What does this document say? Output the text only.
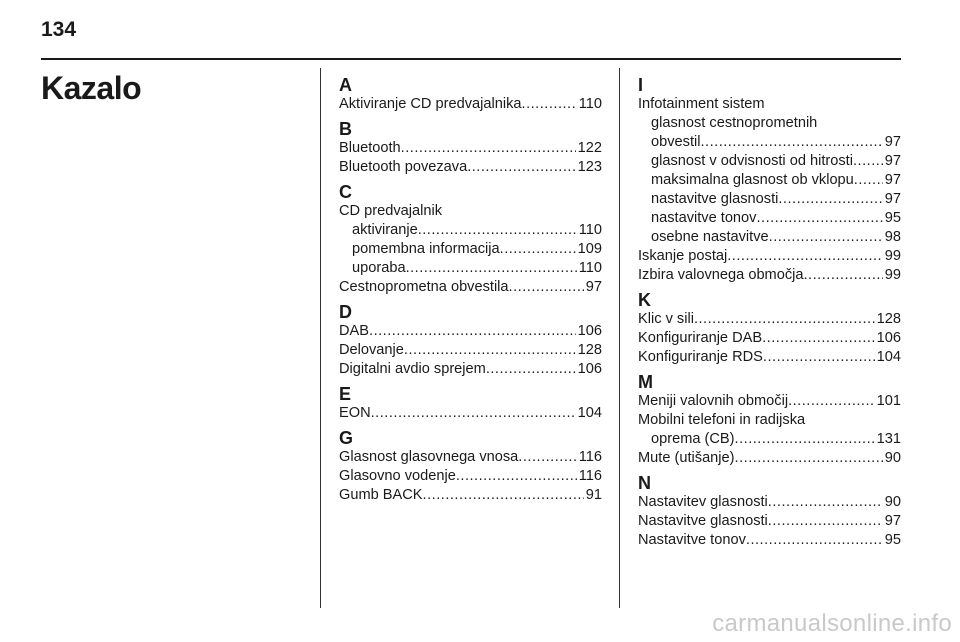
134
Kazalo	A
Aktiviranje CD predvajalnika .....	110
B
Bluetooth .....	122
Bluetooth povezava .....	123
C
CD predvajalnik
aktiviranje .....	110
pomembna informacija .....	109
uporaba .....	110
Cestnoprometna obvestila .....	97
D
DAB .....	106
Delovanje .....	128
Digitalni avdio sprejem .....	106
E
EON .....	104
G
Glasnost glasovnega vnosa .....	116
Glasovno vodenje .....	116
Gumb BACK .....	91
I
Infotainment sistem
glasnost cestnoprometnih
obvestil .....	97
glasnost v odvisnosti od hitrosti ..... 97
maksimalna glasnost ob vklopu ..... 97
nastavitve glasnosti .....	97
nastavitve tonov .....	95
osebne nastavitve .....	98
Iskanje postaj .....	99
Izbira valovnega območja .....	99
K
Klic v sili .....	128
Konfiguriranje DAB .....	106
Konfiguriranje RDS .....	104
M
Meniji valovnih območij .....	101
Mobilni telefoni in radijska
oprema (CB) .....	131
Mute (utišanje) .....	90
N
Nastavitev glasnosti .....	90
Nastavitve glasnosti .....	97
Nastavitve tonov .....	95
carmanualsonline.info
